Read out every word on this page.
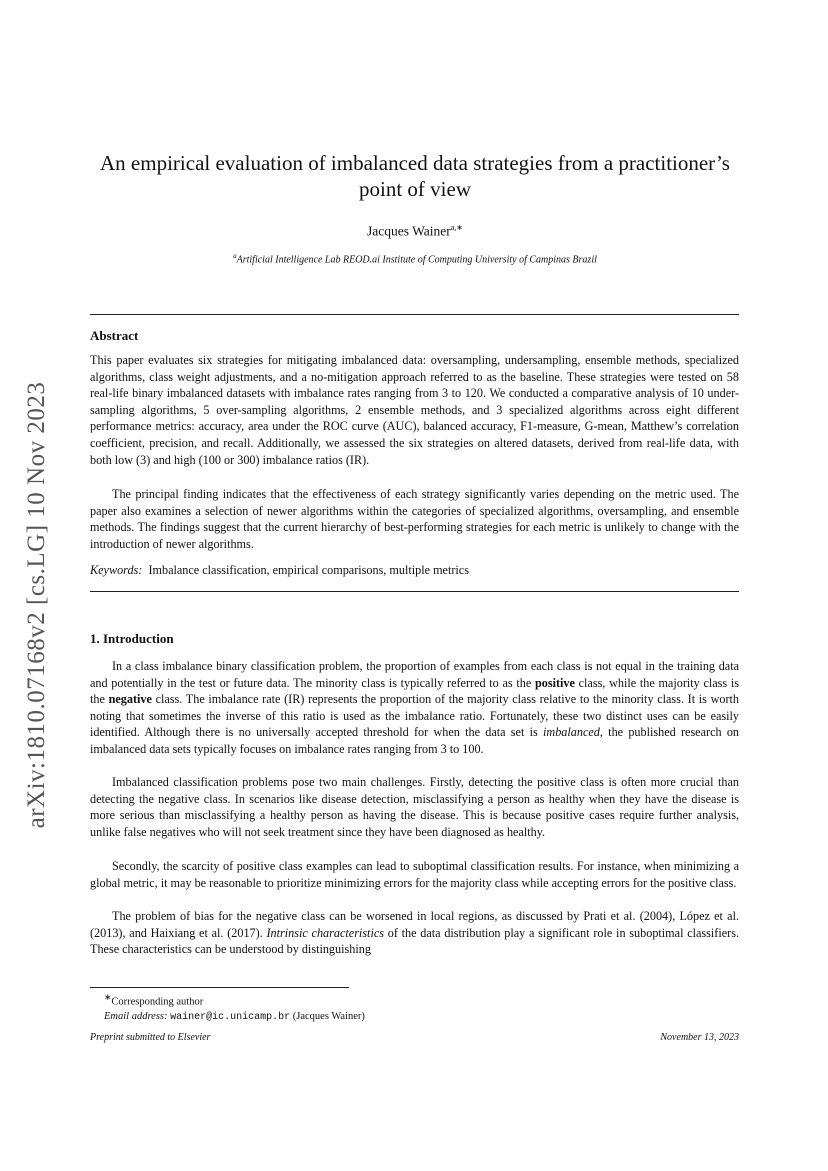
arXiv:1810.07168v2 [cs.LG] 10 Nov 2023
An empirical evaluation of imbalanced data strategies from a practitioner’s point of view
Jacques Wainer$^{a,∗}$
$^a$Artificial Intelligence Lab REOD.ai Institute of Computing University of Campinas Brazil
Abstract
This paper evaluates six strategies for mitigating imbalanced data: oversampling, undersampling, ensemble methods, specialized algorithms, class weight adjustments, and a no-mitigation approach referred to as the baseline. These strategies were tested on 58 real-life binary imbalanced datasets with imbalance rates ranging from 3 to 120. We conducted a comparative analysis of 10 under-sampling algorithms, 5 over-sampling algorithms, 2 ensemble methods, and 3 specialized algorithms across eight different performance metrics: accuracy, area under the ROC curve (AUC), balanced accuracy, F1-measure, G-mean, Matthew’s correlation coefficient, precision, and recall. Additionally, we assessed the six strategies on altered datasets, derived from real-life data, with both low (3) and high (100 or 300) imbalance ratios (IR).
The principal finding indicates that the effectiveness of each strategy significantly varies depending on the metric used. The paper also examines a selection of newer algorithms within the categories of specialized algorithms, oversampling, and ensemble methods. The findings suggest that the current hierarchy of best-performing strategies for each metric is unlikely to change with the introduction of newer algorithms.
Keywords: Imbalance classification, empirical comparisons, multiple metrics
1. Introduction
In a class imbalance binary classification problem, the proportion of examples from each class is not equal in the training data and potentially in the test or future data. The minority class is typically referred to as the positive class, while the majority class is the negative class. The imbalance rate (IR) represents the proportion of the majority class relative to the minority class. It is worth noting that sometimes the inverse of this ratio is used as the imbalance ratio. Fortunately, these two distinct uses can be easily identified. Although there is no universally accepted threshold for when the data set is imbalanced, the published research on imbalanced data sets typically focuses on imbalance rates ranging from 3 to 100.
Imbalanced classification problems pose two main challenges. Firstly, detecting the positive class is often more crucial than detecting the negative class. In scenarios like disease detection, misclassifying a person as healthy when they have the disease is more serious than misclassifying a healthy person as having the disease. This is because positive cases require further analysis, unlike false negatives who will not seek treatment since they have been diagnosed as healthy.
Secondly, the scarcity of positive class examples can lead to suboptimal classification results. For instance, when minimizing a global metric, it may be reasonable to prioritize minimizing errors for the majority class while accepting errors for the positive class.
The problem of bias for the negative class can be worsened in local regions, as discussed by Prati et al. (2004), López et al. (2013), and Haixiang et al. (2017). Intrinsic characteristics of the data distribution play a significant role in suboptimal classifiers. These characteristics can be understood by distinguishing
∗Corresponding author
Email address: wainer@ic.unicamp.br (Jacques Wainer)
Preprint submitted to Elsevier	November 13, 2023
